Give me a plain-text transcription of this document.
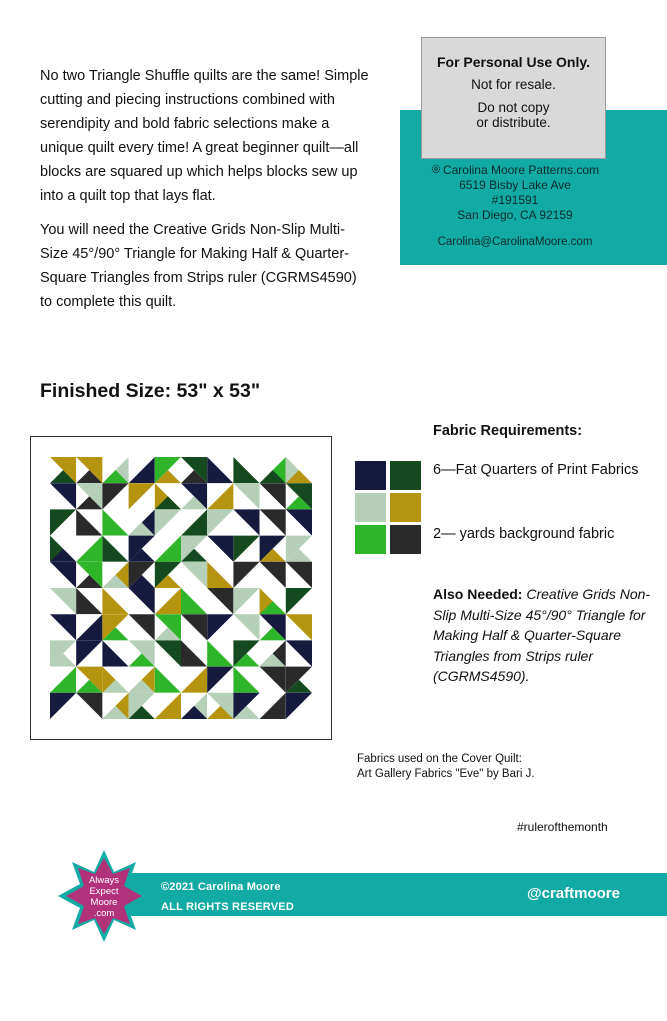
No two Triangle Shuffle quilts are the same! Simple cutting and piecing instructions combined with serendipity and bold fabric selections make a unique quilt every time! A great beginner quilt—all blocks are squared up which helps blocks sew up into a quilt top that lays flat.

You will need the Creative Grids Non-Slip Multi-Size 45°/90° Triangle for Making Half & Quarter-Square Triangles from Strips ruler (CGRMS4590) to complete this quilt.

For Personal Use Only.
Not for resale.
Do not copy
or distribute.
Carolina Moore Patterns.com
6519 Bisby Lake Ave
#191591
San Diego, CA 92159
Carolina@CarolinaMoore.com
Finished Size: 53" x 53"
Fabric Requirements:
6—Fat Quarters of Print Fabrics
2— yards background fabric
Also Needed: Creative Grids Non-Slip Multi-Size 45°/90° Triangle for Making Half & Quarter-Square Triangles from Strips ruler (CGRMS4590).
Fabrics used on the Cover Quilt:
Art Gallery Fabrics "Eve" by Bari J.
#rulerofthemonth
©2021 Carolina Moore
ALL RIGHTS RESERVED
@craftmoore
Always
Expect
Moore
.com
